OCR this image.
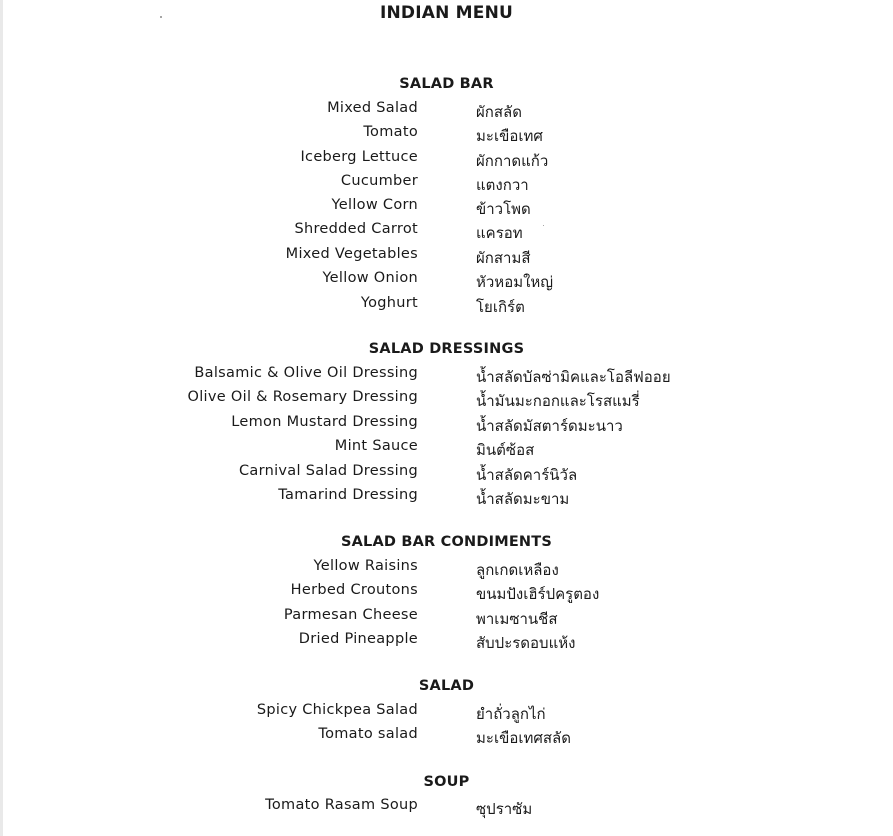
INDIAN MENU
SALAD BAR
Mixed Salad	ผักสลัด
Tomato	มะเขือเทศ
Iceberg Lettuce	ผักกาดแก้ว
Cucumber	แตงกวา
Yellow Corn	ข้าวโพด
Shredded Carrot	แครอท
Mixed Vegetables	ผักสามสี
Yellow Onion	หัวหอมใหญ่
Yoghurt	โยเกิร์ต
SALAD DRESSINGS
Balsamic & Olive Oil Dressing	น้ำสลัดบัลซ่ามิคและโอลีฟออย
Olive Oil & Rosemary Dressing	น้ำมันมะกอกและโรสแมรี่
Lemon Mustard Dressing	น้ำสลัดมัสตาร์ดมะนาว
Mint Sauce	มินต์ซ้อส
Carnival Salad Dressing	น้ำสลัดคาร์นิวัล
Tamarind Dressing	น้ำสลัดมะขาม
SALAD BAR CONDIMENTS
Yellow Raisins	ลูกเกดเหลือง
Herbed Croutons	ขนมปังเฮิร์ปครูตอง
Parmesan Cheese	พาเมซานชีส
Dried Pineapple	สับปะรดอบแห้ง
SALAD
Spicy Chickpea Salad	ยำถั่วลูกไก่
Tomato salad	มะเขือเทศสลัด
SOUP
Tomato Rasam Soup	ซุปราซัม
